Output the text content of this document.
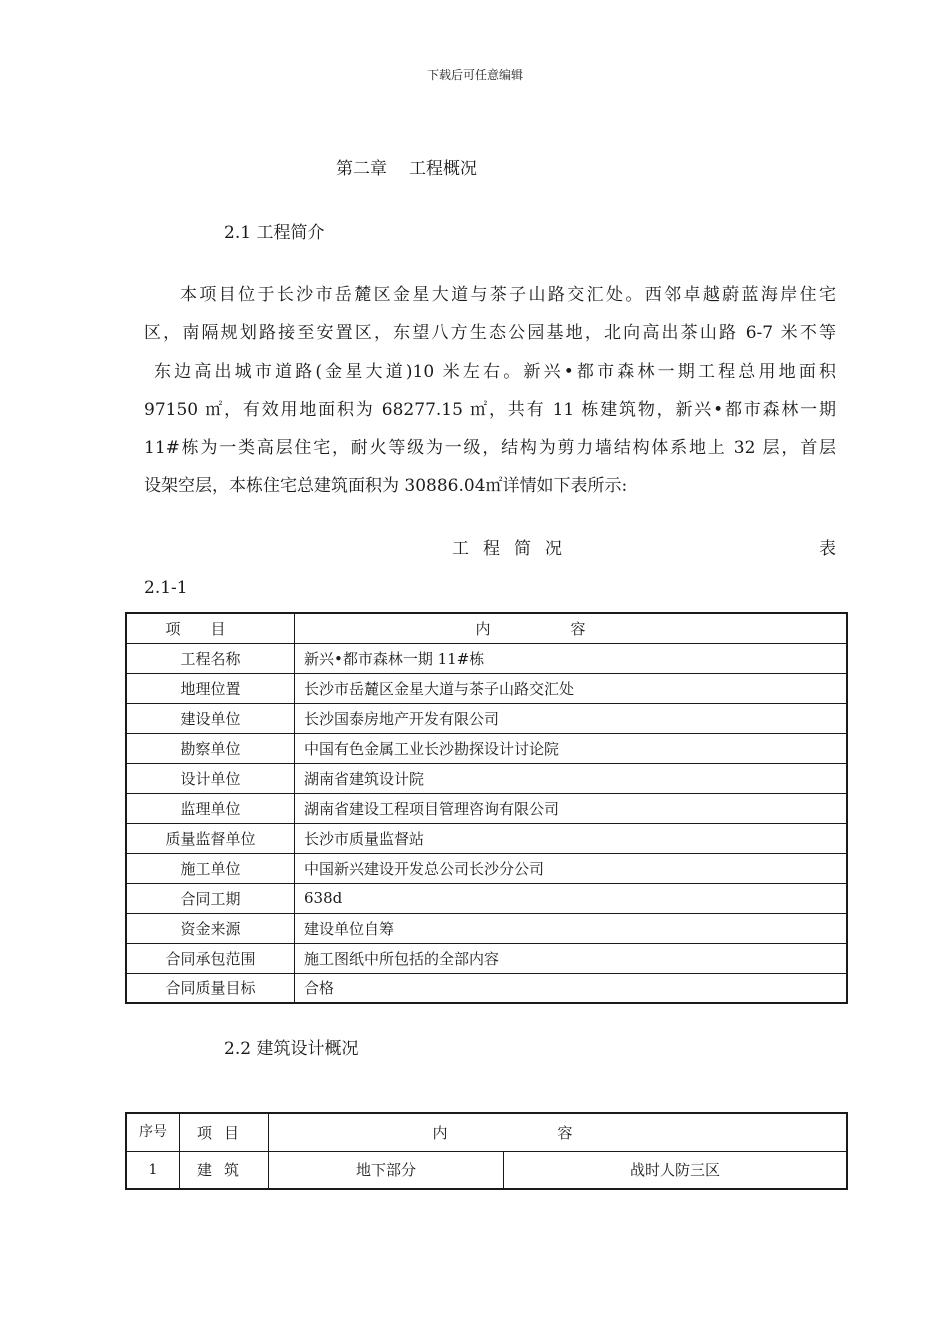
下载后可任意编辑
第二章 工程概况
2.1 工程简介
本项目位于长沙市岳麓区金星大道与茶子山路交汇处。西邻卓越蔚蓝海岸住宅
区，南隔规划路接至安置区，东望八方生态公园基地，北向高出茶山路 6-7 米不等
东边高出城市道路(金星大道)10 米左右。新兴•都市森林一期工程总用地面积
97150 ㎡，有效用地面积为 68277.15 ㎡，共有 11 栋建筑物，新兴•都市森林一期
11#栋为一类高层住宅，耐火等级为一级，结构为剪力墙结构体系地上 32 层，首层
设架空层，本栋住宅总建筑面积为 30886.04㎡详情如下表所示:
工程简况	表
2.1-1
项目	内容
工程名称	新兴•都市森林一期 11#栋
地理位置	长沙市岳麓区金星大道与茶子山路交汇处
建设单位	长沙国泰房地产开发有限公司
勘察单位	中国有色金属工业长沙勘探设计讨论院
设计单位	湖南省建筑设计院
监理单位	湖南省建设工程项目管理咨询有限公司
质量监督单位	长沙市质量监督站
施工单位	中国新兴建设开发总公司长沙分公司
合同工期	638d
资金来源	建设单位自筹
合同承包范围	施工图纸中所包括的全部内容
合同质量目标	合格
2.2 建筑设计概况
序号	项目	内容	
1	建筑	地下部分	战时人防三区
